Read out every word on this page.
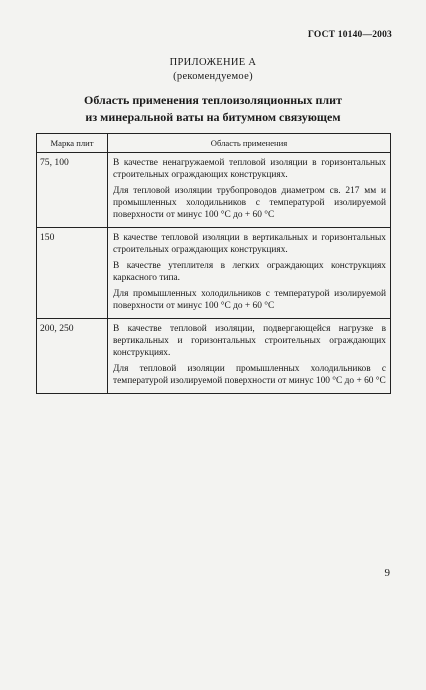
ГОСТ 10140—2003
ПРИЛОЖЕНИЕ А
(рекомендуемое)
Область применения теплоизоляционных плит
из минеральной ваты на битумном связующем
Марка плит	Область применения
75, 100	В качестве ненагружаемой тепловой изоляции в горизонтальных строительных ограждающих конструкциях.

Для тепловой изоляции трубопроводов диаметром св. 217 мм и промышленных холодильников с температурой изолируемой поверхности от минус 100 °С до + 60 °С

150	В качестве тепловой изоляции в вертикальных и горизонтальных строительных ограждающих конструкциях.

В качестве утеплителя в легких ограждающих конструкциях каркасного типа.

Для промышленных холодильников с температурой изолируемой поверхности от минус 100 °С до + 60 °С

200, 250	В качестве тепловой изоляции, подвергающейся нагрузке в вертикальных и горизонтальных строительных ограждающих конструкциях.

Для тепловой изоляции промышленных холодильников с температурой изолируемой поверхности от минус 100 °С до + 60 °С

9
